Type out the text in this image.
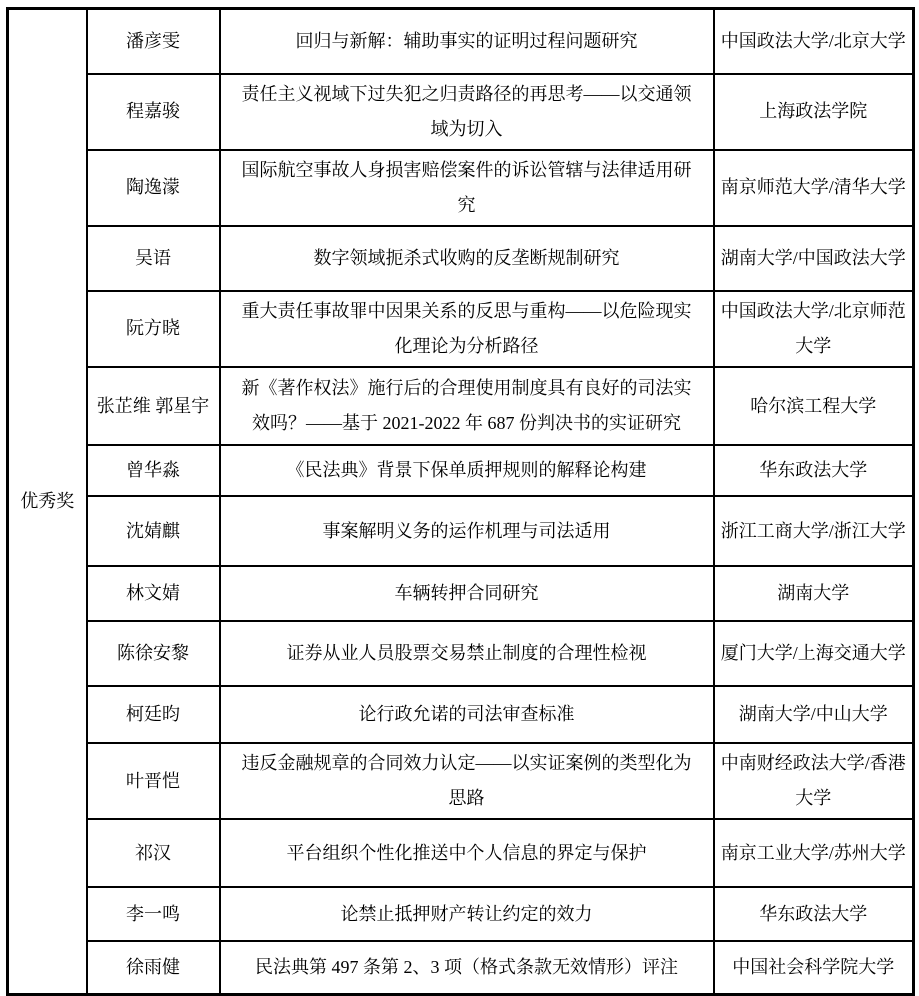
优秀奖	潘彦雯	回归与新解：辅助事实的证明过程问题研究	中国政法大学/北京大学
	程嘉骏	责任主义视域下过失犯之归责路径的再思考——以交通领域为切入	上海政法学院
	陶逸濛	国际航空事故人身损害赔偿案件的诉讼管辖与法律适用研究	南京师范大学/清华大学
	吴语	数字领域扼杀式收购的反垄断规制研究	湖南大学/中国政法大学
	阮方晓	重大责任事故罪中因果关系的反思与重构——以危险现实化理论为分析路径	中国政法大学/北京师范大学
	张芷维 郭星宇	新《著作权法》施行后的合理使用制度具有良好的司法实效吗？——基于 2021-2022 年 687 份判决书的实证研究	哈尔滨工程大学
	曾华淼	《民法典》背景下保单质押规则的解释论构建	华东政法大学
	沈婧麒	事案解明义务的运作机理与司法适用	浙江工商大学/浙江大学
	林文婧	车辆转押合同研究	湖南大学
	陈徐安黎	证券从业人员股票交易禁止制度的合理性检视	厦门大学/上海交通大学
	柯廷昀	论行政允诺的司法审查标准	湖南大学/中山大学
	叶晋恺	违反金融规章的合同效力认定——以实证案例的类型化为思路	中南财经政法大学/香港大学
	祁汉	平台组织个性化推送中个人信息的界定与保护	南京工业大学/苏州大学
	李一鸣	论禁止抵押财产转让约定的效力	华东政法大学
	徐雨健	民法典第 497 条第 2、3 项（格式条款无效情形）评注	中国社会科学院大学
